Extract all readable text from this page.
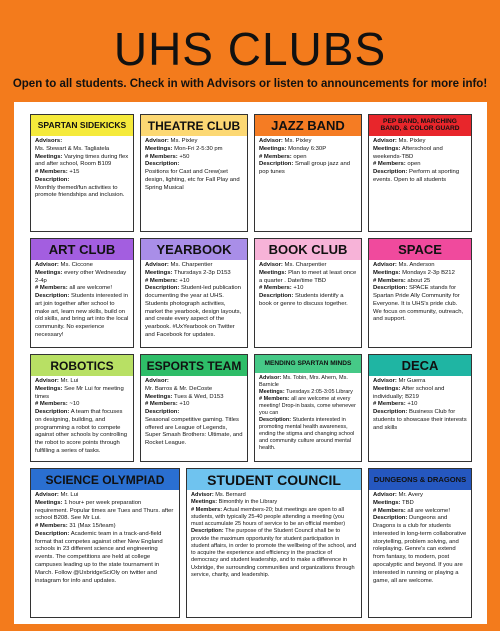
UHS CLUBS
Open to all students. Check in with Advisors or listen to announcements for more info!
SPARTAN SIDEKICKS

Advisors:

Ms. Stewart & Ms. Tagliatela

Meetings: Varying times during flex and after school, Room B109

# Members: +15

Description:

Monthly themed/fun activities to promote friendships and inclusion.

THEATRE CLUB

Advisor: Ms. Pixley

Meetings: Mon-Fri 2-5:30 pm

# Members: +50

Description:

Positions for Cast and Crew(set design, lighting, etc for Fall Play and Spring Musical

JAZZ BAND

Advisor: Ms. Pixley

Meetings: Monday 6:30P

# Members: open

Description: Small group jazz and pop tunes

PEP BAND, MARCHING BAND, & COLOR GUARD

Advisor: Ms. Pixley

Meetings: Afterschool and weekends-TBD

# Members: open

Description: Perform at sporting events. Open to all students

ART CLUB

Advisor: Ms. Ciccone

Meetings: every other Wednesday 2-4p

# Members: all are welcome!

Description: Students interested in art join together after school to make art, learn new skills, build on old skills, and bring art into the local community. No experience necessary!

YEARBOOK

Advisor: Ms. Charpentier

Meetings: Thursdays 2-3p D153

# Members: +10

Description: Student-led publication documenting the year at UHS. Students photograph activities, market the yearbook, design layouts, and create every aspect of the yearbook. #UxYearbook on Twitter and Facebook for updates.

BOOK CLUB

Advisor: Ms. Charpentier

Meetings: Plan to meet at least once a quarter . Date/time TBD

# Members: +10

Description: Students identify a book or genre to discuss together.

SPACE

Advisor: Ms. Anderson

Meetings: Mondays 2-3p B212

# Members: about 25

Description: SPACE stands for Spartan Pride Ally Community for Everyone. It is UHS's pride club. We focus on community, outreach, and support.

ROBOTICS

Advisor: Mr. Lui

Meetings: See Mr Lui for meeting times

# Members: ~10

Description: A team that focuses on designing, building, and programming a robot to compete against other schools by controlling the robot to score points through fulfilling a series of tasks.

ESPORTS TEAM

Advisor:

Mr. Barros & Mr. DeCoste

Meetings: Tues & Wed, D153

# Members: +10

Description:

Seasonal competitive gaming. Titles offered are League of Legends, Super Smash Brothers: Ultimate, and Rocket League.

MENDING SPARTAN MINDS

Advisor: Ms. Tobin, Mrs. Ahern, Ms. Barnicle

Meetings: Tuesdays 2:05-3:05 Library

# Members: all are welcome at every meeting! Drop-in basis, come whenever you can

Description: Students interested in promoting mental health awareness, ending the stigma and changing school and community culture around mental health.

DECA

Advisor: Mr Guerra

Meetings: After school and individually; B219

# Members: +10

Description: Business Club for students to showcase their interests and skills

SCIENCE OLYMPIAD

Advisor: Mr. Lui

Meetings: 1 hour+ per week preparation requirement. Popular times are Tues and Thurs. after school B208. See Mr Lui.

# Members: 31 (Max 15/team)

Description: Academic team in a track-and-field format that competes against other New England schools in 23 different science and engineering events. The competitions are held at college campuses leading up to the state tournament in March. Follow @UxbridgeSciOly on twitter and instagram for info and updates.

STUDENT COUNCIL

Advisor: Ms. Bernard

Meetings: Bimonthly in the Library

# Members: Actual members-20; but meetings are open to all students, with typically 25-40 people attending a meeting (you must accumulate 25 hours of service to be an official member)

Description: The purpose of the Student Council shall be to provide the maximum opportunity for student participation in student affairs, in order to promote the wellbeing of the school, and to acquire the experience and efficiency in the practice of democracy and student leadership, and to make a difference in Uxbridge, the surrounding communities and organizations through service, charity, and leadership.

DUNGEONS & DRAGONS

Advisor: Mr. Avery

Meetings: TBD

# Members: all are welcome!

Description: Dungeons and Dragons is a club for students interested in long-term collaborative storytelling, problem solving, and roleplaying. Genre's can extend from fantasy, to modern, post apocalyptic and beyond. If you are interested in running or playing a game, all are welcome.
